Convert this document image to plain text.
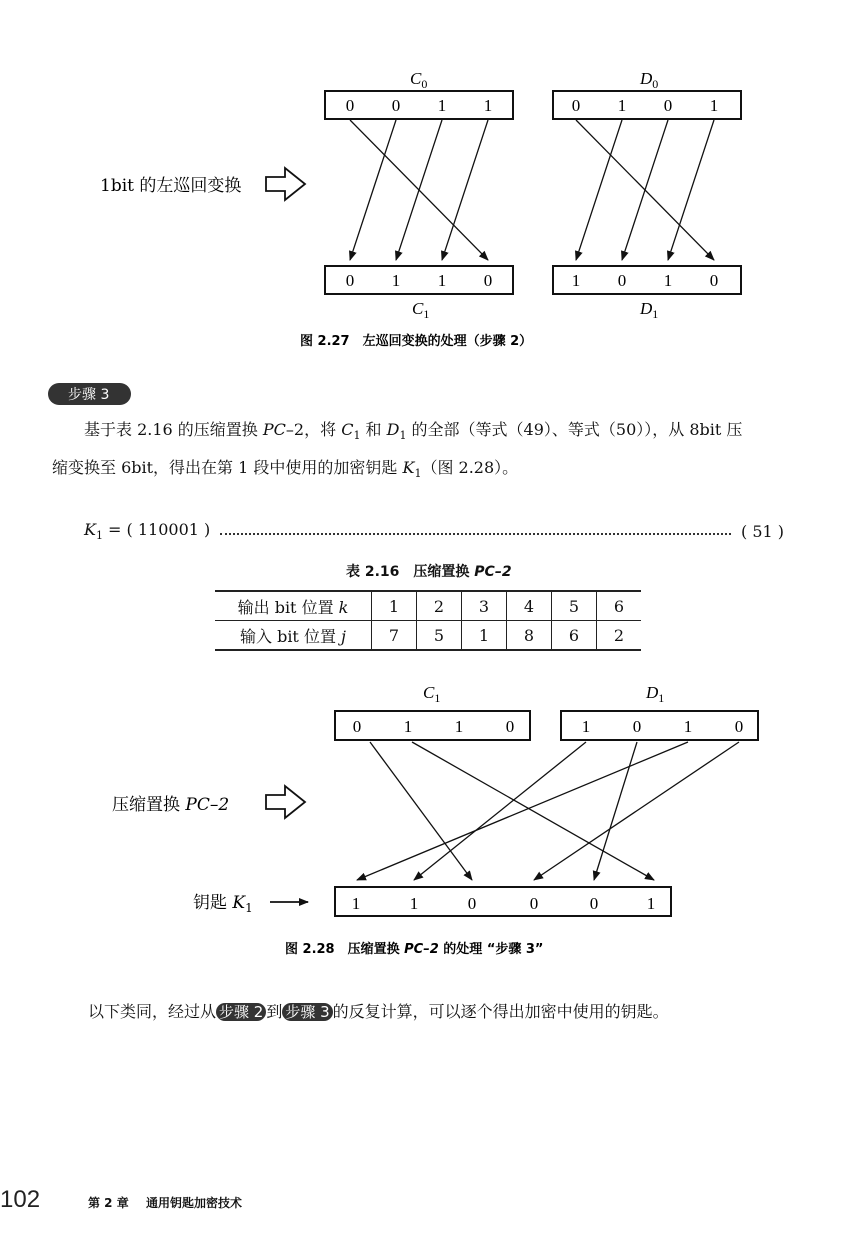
$C_0$	$D_0$
0 0 1 1	0 1 0 1
0 1 1 0	1 0 1 0
1bit 的左巡回变换
$C_1$	$D_1$
图 2.27　左巡回变换的处理（步骤 2）
步骤 3
基于表 2.16 的压缩置换 PC–2，将 $C_1$ 和 $D_1$ 的全部（等式（49）、等式（50）），从 8bit 压
缩变换至 6bit，得出在第 1 段中使用的加密钥匙 $K_1$（图 2.28）。
$K_1$ = ( 110001 )	( 51 )
表 2.16　压缩置换 PC–2
输出 bit 位置 k	1	2	3	4	5	6
输入 bit 位置 j	7	5	1	8	6	2
$C_1$	$D_1$
0	1	1	0	1	0	1	0
1	1	0	0	0	1
压缩置换 PC–2
钥匙 $K_1$
图 2.28　压缩置换 PC–2 的处理 “步骤 3”
以下类同，经过从 步骤 2 到 步骤 3 的反复计算，可以逐个得出加密中使用的钥匙。
102	第 2 章 通用钥匙加密技术
